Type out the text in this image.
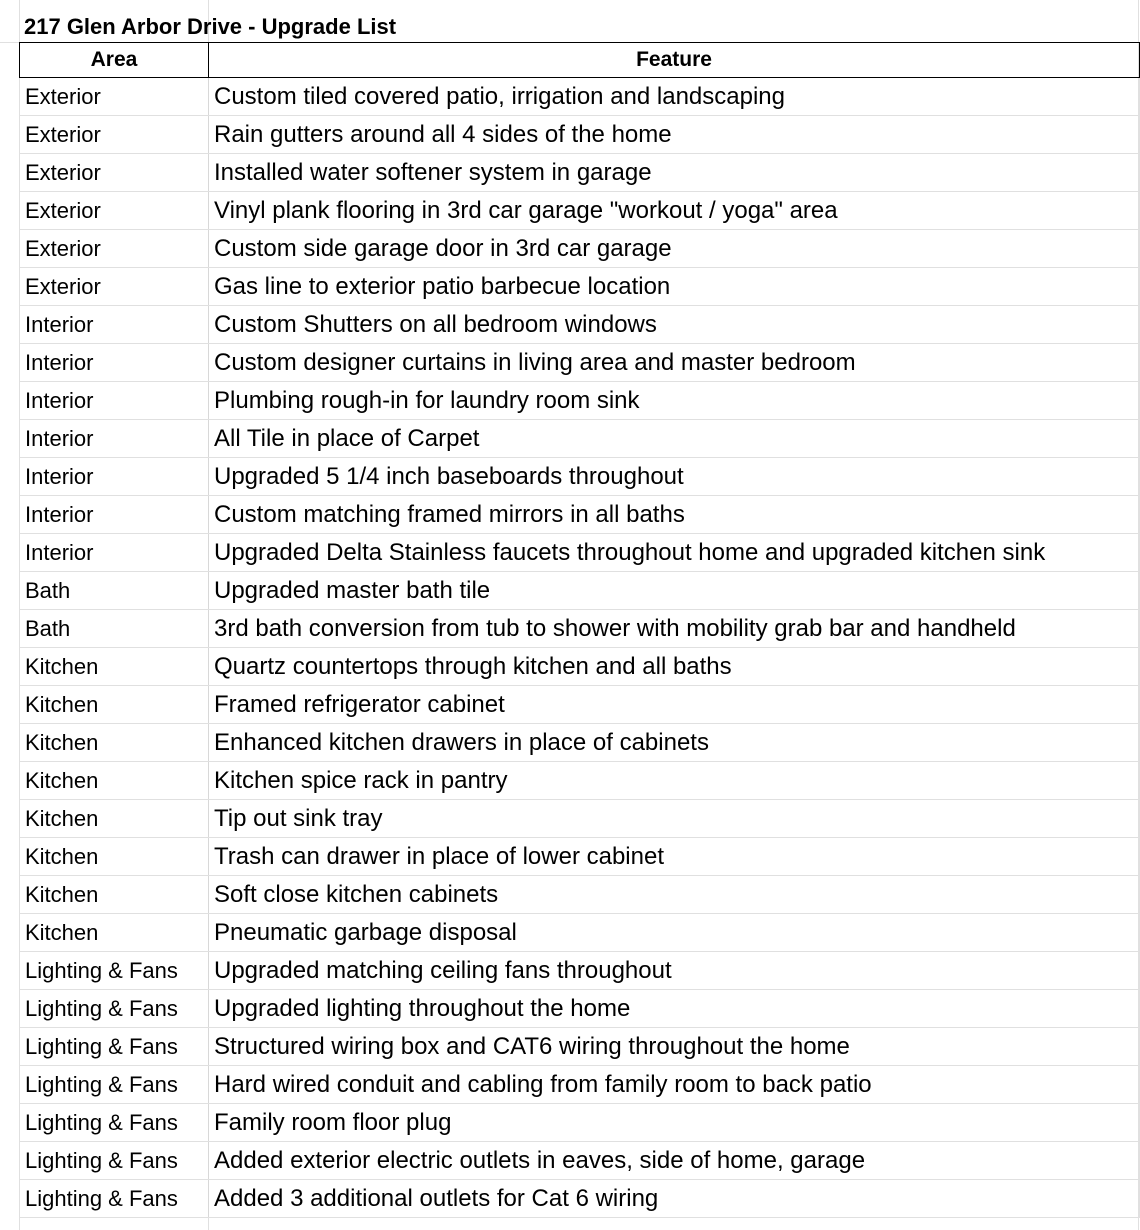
217 Glen Arbor Drive - Upgrade List
Area	Feature
Exterior	Custom tiled covered patio, irrigation and landscaping
Exterior	Rain gutters around all 4 sides of the home
Exterior	Installed water softener system in garage
Exterior	Vinyl plank flooring in 3rd car garage "workout / yoga" area
Exterior	Custom side garage door in 3rd car garage
Exterior	Gas line to exterior patio barbecue location
Interior	Custom Shutters on all bedroom windows
Interior	Custom designer curtains in living area and master bedroom
Interior	Plumbing rough-in for laundry room sink
Interior	All Tile in place of Carpet
Interior	Upgraded 5 1/4 inch baseboards throughout
Interior	Custom matching framed mirrors in all baths
Interior	Upgraded Delta Stainless faucets throughout home and upgraded kitchen sink
Bath	Upgraded master bath tile
Bath	3rd bath conversion from tub to shower with mobility grab bar and handheld
Kitchen	Quartz countertops through kitchen and all baths
Kitchen	Framed refrigerator cabinet
Kitchen	Enhanced kitchen drawers in place of cabinets
Kitchen	Kitchen spice rack in pantry
Kitchen	Tip out sink tray
Kitchen	Trash can drawer in place of lower cabinet
Kitchen	Soft close kitchen cabinets
Kitchen	Pneumatic garbage disposal
Lighting & Fans	Upgraded matching ceiling fans throughout
Lighting & Fans	Upgraded lighting throughout the home
Lighting & Fans	Structured wiring box and CAT6 wiring throughout the home
Lighting & Fans	Hard wired conduit and cabling from family room to back patio
Lighting & Fans	Family room floor plug
Lighting & Fans	Added exterior electric outlets in eaves, side of home, garage
Lighting & Fans	Added 3 additional outlets for Cat 6 wiring
